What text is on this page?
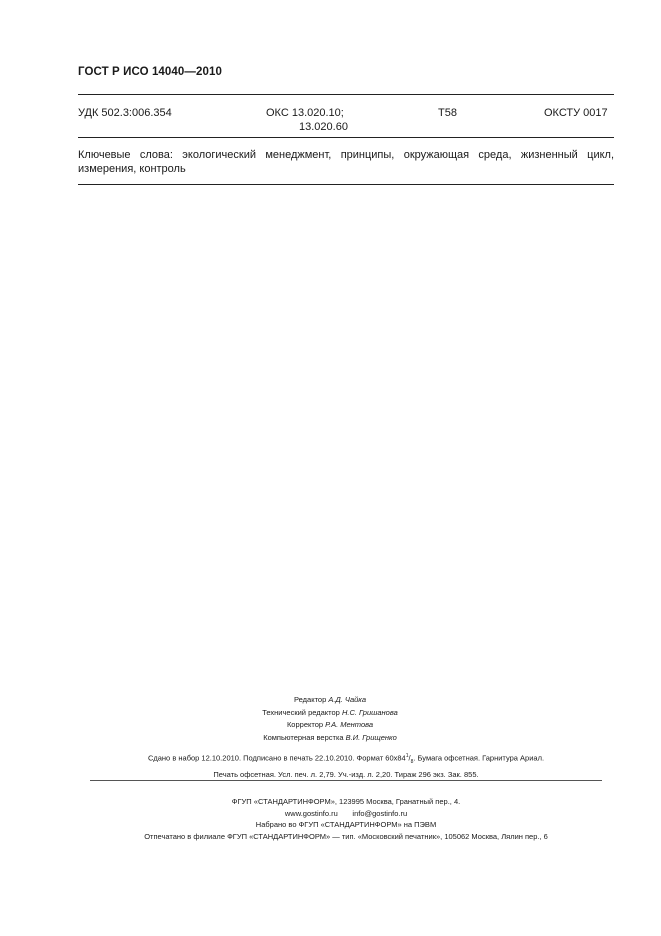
ГОСТ Р ИСО 14040—2010
УДК 502.3:006.354	ОКС 13.020.10;
13.020.60
Т58	ОКСТУ 0017
Ключевые слова: экологический менеджмент, принципы, окружающая среда, жизненный цикл, измерения, контроль
Редактор А.Д. Чайка
Технический редактор Н.С. Гришанова
Корректор Р.А. Ментова
Компьютерная верстка В.И. Грищенко
Сдано в набор 12.10.2010. Подписано в печать 22.10.2010. Формат $60х84^1/_8$. Бумага офсетная. Гарнитура Ариал.
Печать офсетная. Усл. печ. л. 2,79. Уч.-изд. л. 2,20. Тираж 296 экз. Зак. 855.
ФГУП «СТАНДАРТИНФОРМ», 123995 Москва, Гранатный пер., 4.
www.gostinfo.ru info@gostinfo.ru
Набрано во ФГУП «СТАНДАРТИНФОРМ» на ПЭВМ
Отпечатано в филиале ФГУП «СТАНДАРТИНФОРМ» — тип. «Московский печатник», 105062 Москва, Лялин пер., 6
